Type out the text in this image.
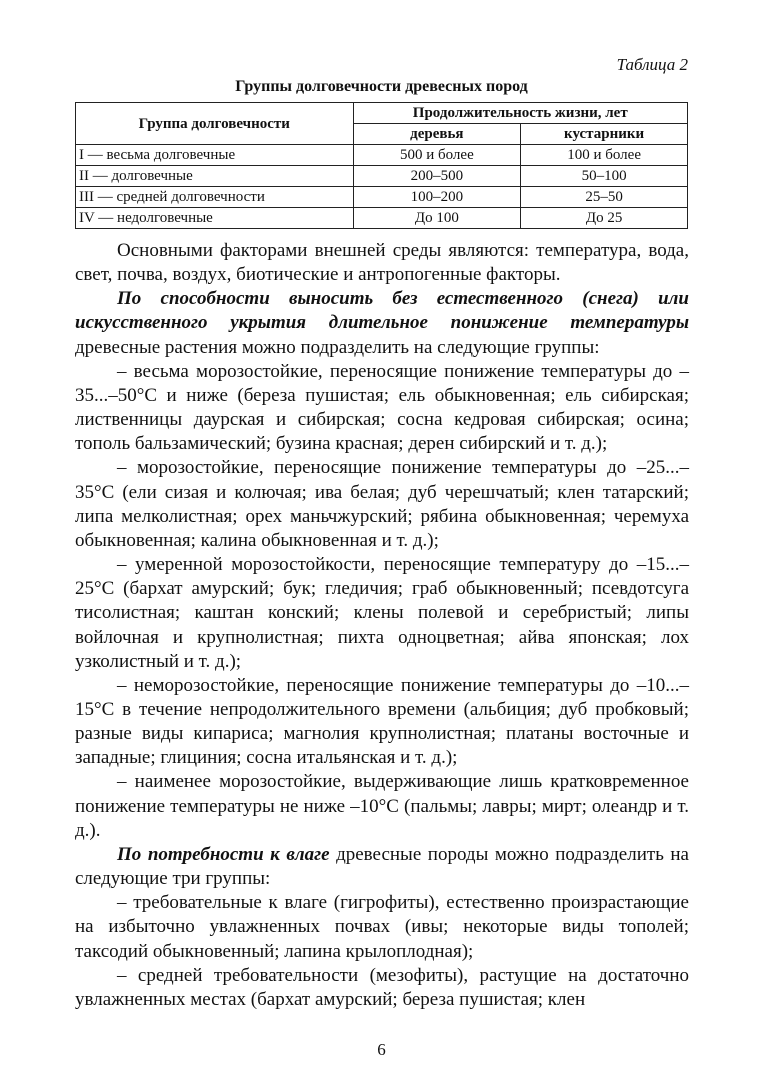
Таблица 2
Группы долговечности древесных пород
Группа долговечности	Продолжительность жизни, лет	
	деревья	кустарники
I — весьма долговечные	500 и более	100 и более
II — долговечные	200–500	50–100
III — средней долговечности	100–200	25–50
IV — недолговечные	До 100	До 25

Основными факторами внешней среды являются: температура, вода, свет, почва, воздух, биотические и антропогенные факторы.

По способности выносить без естественного (снега) или искусственного укрытия длительное понижение температуры древесные растения можно подразделить на следующие группы:

– весьма морозостойкие, переносящие понижение температуры до –35...–50°С и ниже (береза пушистая; ель обыкновенная; ель сибирская; лиственницы даурская и сибирская; сосна кедровая сибирская; осина; тополь бальзамический; бузина красная; дерен сибирский и т. д.);

– морозостойкие, переносящие понижение температуры до –25...–35°С (ели сизая и колючая; ива белая; дуб черешчатый; клен татарский; липа мелколистная; орех маньчжурский; рябина обыкновенная; черемуха обыкновенная; калина обыкновенная и т. д.);

– умеренной морозостойкости, переносящие температуру до –15...–25°С (бархат амурский; бук; гледичия; граб обыкновенный; псевдотсуга тисолистная; каштан конский; клены полевой и серебристый; липы войлочная и крупнолистная; пихта одноцветная; айва японская; лох узколистный и т. д.);

– неморозостойкие, переносящие понижение температуры до –10...–15°С в течение непродолжительного времени (альбиция; дуб пробковый; разные виды кипариса; магнолия крупнолистная; платаны восточные и западные; глициния; сосна итальянская и т. д.);

– наименее морозостойкие, выдерживающие лишь кратковременное понижение температуры не ниже –10°С (пальмы; лавры; мирт; олеандр и т. д.).

По потребности к влаге древесные породы можно подразделить на следующие три группы:

– требовательные к влаге (гигрофиты), естественно произрастающие на избыточно увлажненных почвах (ивы; некоторые виды тополей; таксодий обыкновенный; лапина крылоплодная);

– средней требовательности (мезофиты), растущие на достаточно увлажненных местах (бархат амурский; береза пушистая; клен

6
